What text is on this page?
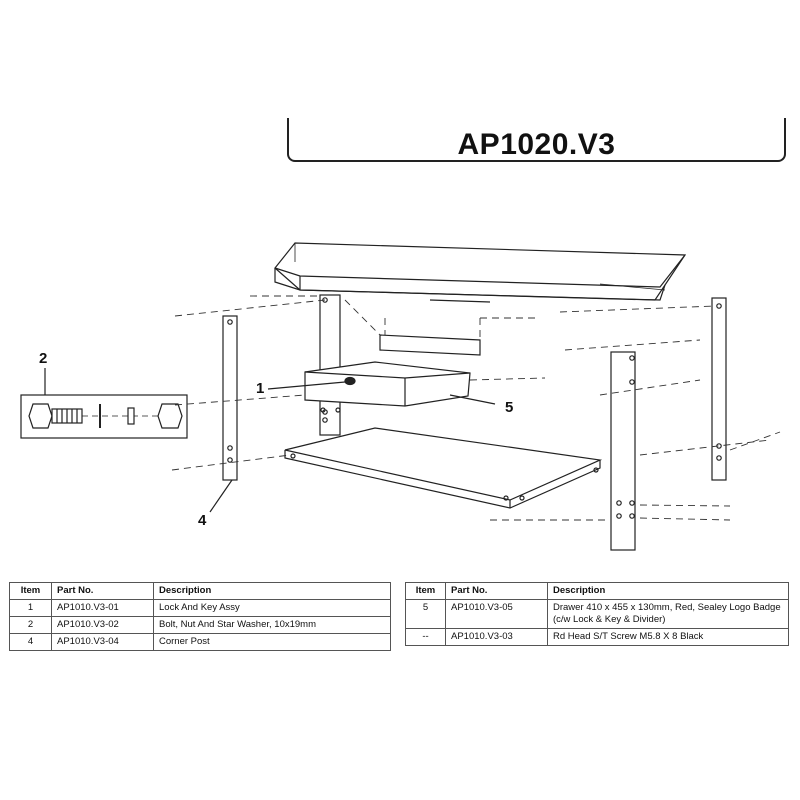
AP1020.V3
1
2
4
5
Item	Part No.	Description
1	AP1010.V3-01	Lock And Key Assy
2	AP1010.V3-02	Bolt, Nut And Star Washer, 10x19mm
4	AP1010.V3-04	Corner Post
Item	Part No.	Description
5	AP1010.V3-05	Drawer 410 x 455 x 130mm, Red, Sealey Logo Badge (c/w Lock & Key & Divider)
--	AP1010.V3-03	Rd Head S/T Screw M5.8 X 8 Black
